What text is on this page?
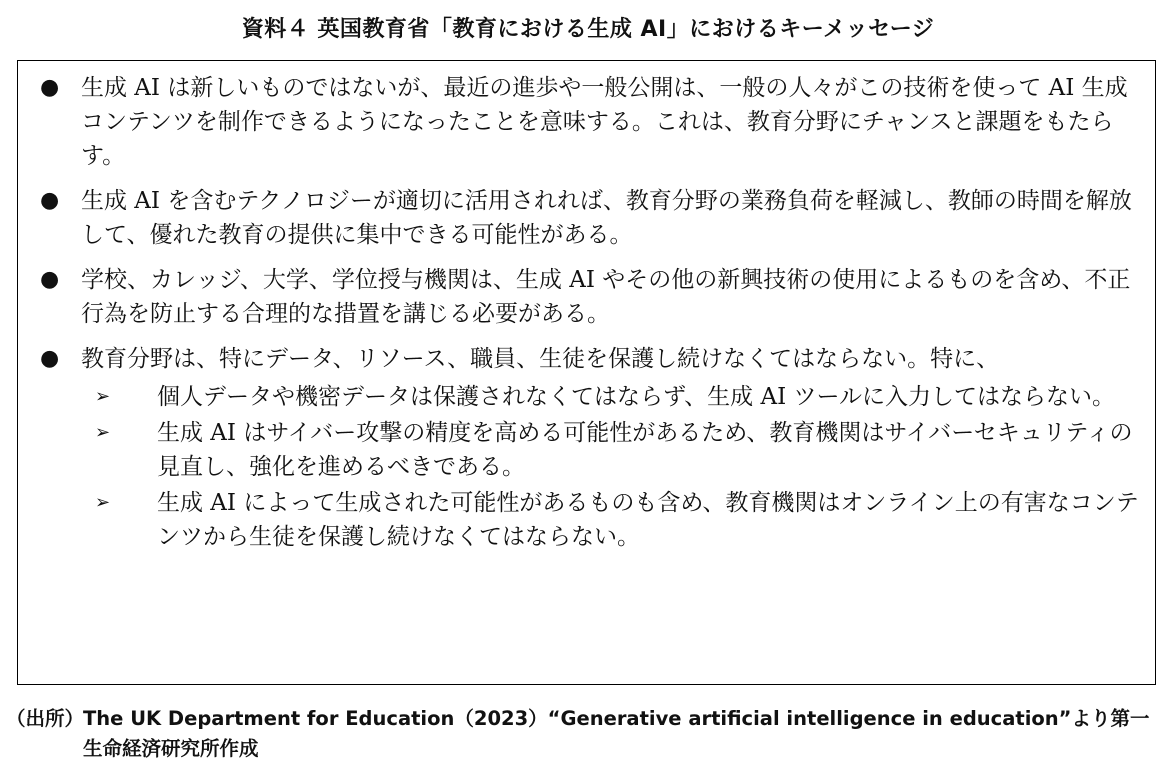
資料４ 英国教育省「教育における生成 AI」におけるキーメッセージ
● 生成 AI は新しいものではないが、最近の進歩や一般公開は、一般の人々がこの技術を使って AI 生成コンテンツを制作できるようになったことを意味する。これは、教育分野にチャンスと課題をもたらす。
● 生成 AI を含むテクノロジーが適切に活用されれば、教育分野の業務負荷を軽減し、教師の時間を解放して、優れた教育の提供に集中できる可能性がある。
● 学校、カレッジ、大学、学位授与機関は、生成 AI やその他の新興技術の使用によるものを含め、不正行為を防止する合理的な措置を講じる必要がある。
● 教育分野は、特にデータ、リソース、職員、生徒を保護し続けなくてはならない。特に、
➢ 個人データや機密データは保護されなくてはならず、生成 AI ツールに入力してはならない。
➢ 生成 AI はサイバー攻撃の精度を高める可能性があるため、教育機関はサイバーセキュリティの見直し、強化を進めるべきである。
➢ 生成 AI によって生成された可能性があるものも含め、教育機関はオンライン上の有害なコンテンツから生徒を保護し続けなくてはならない。
（出所）
The UK Department for Education（2023）“Generative artificial intelligence in education”より第一生命経済研究所作成
